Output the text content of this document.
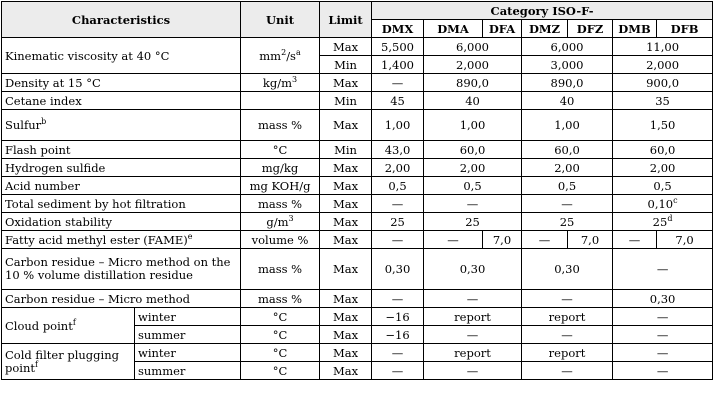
Characteristics		Unit	Limit	Category ISO-F-						
				DMX	DMA	DFA	DMZ	DFZ	DMB	DFB
Kinematic viscosity at 40 °C		$mm^2/s^a$	Max	5,500	6,000		6,000		11,00	
			Min	1,400	2,000		3,000		2,000	
Density at 15 °C		$kg/m^3$	Max	—	890,0		890,0		900,0	
Cetane index			Min	45	40		40		35	
Sulfur$^b$		mass %	Max	1,00	1,00		1,00		1,50	
Flash point		°C	Min	43,0	60,0		60,0		60,0	
Hydrogen sulfide		mg/kg	Max	2,00	2,00		2,00		2,00	
Acid number		mg KOH/g	Max	0,5	0,5		0,5		0,5	
Total sediment by hot filtration		mass %	Max	—	—		—		0,10$^c$
Oxidation stability		$g/m^3$	Max	25	25		25		25$^d$
Fatty acid methyl ester (FAME)$^e$		volume %	Max	—	—	7,0	—	7,0	—	7,0
Carbon residue – Micro method on the 10 % volume distillation residue		mass %	Max	0,30	0,30		0,30		—	
Carbon residue – Micro method		mass %	Max	—	—		—		0,30	
Cloud point$^f$	winter	°C	Max	−16	report		report		—	
	summer	°C	Max	−16	—		—		—	
Cold filter plugging point$^f$	winter	°C	Max	—	report		report		—	
	summer	°C	Max	—	—		—		—	
